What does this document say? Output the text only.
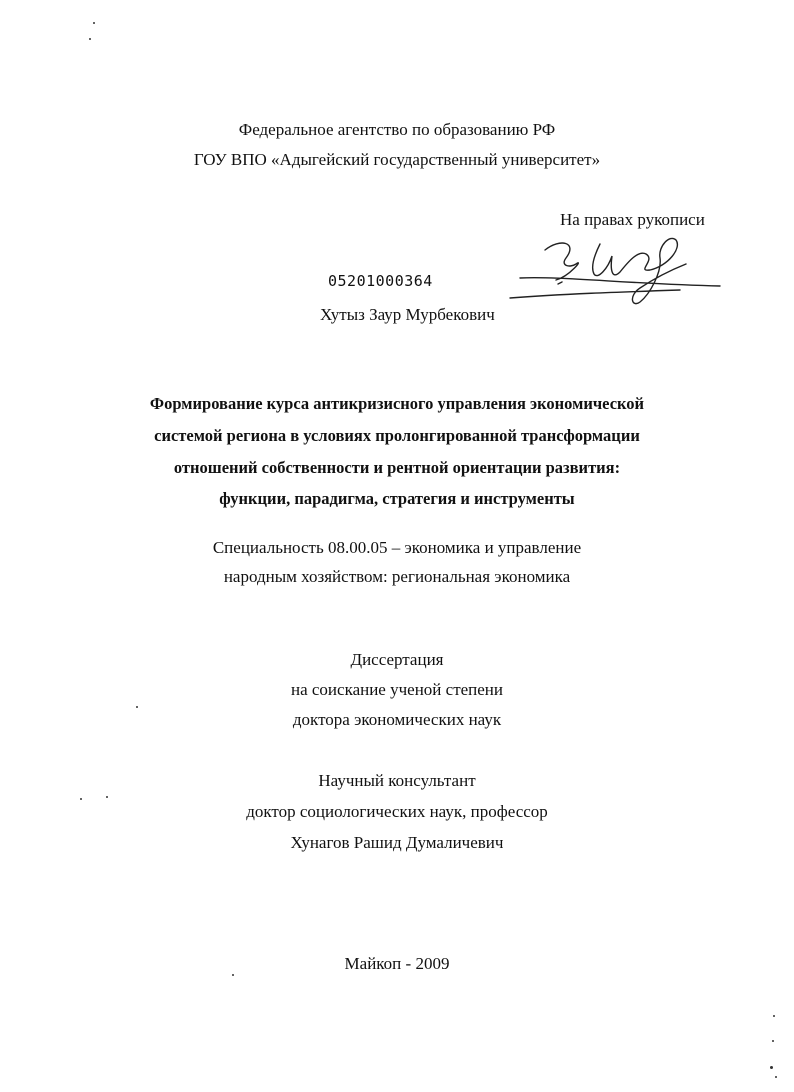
Федеральное агентство по образованию РФ
ГОУ ВПО «Адыгейский государственный университет»
На правах рукописи
05201000364
Хутыз Заур Мурбекович
Формирование курса антикризисного управления экономической
системой региона в условиях пролонгированной трансформации
отношений собственности и рентной ориентации развития:
функции, парадигма, стратегия и инструменты
Специальность 08.00.05 – экономика и управление
народным хозяйством: региональная экономика
Диссертация
на соискание ученой степени
доктора экономических наук
Научный консультант
доктор социологических наук, профессор
Хунагов Рашид Думаличевич
Майкоп - 2009
